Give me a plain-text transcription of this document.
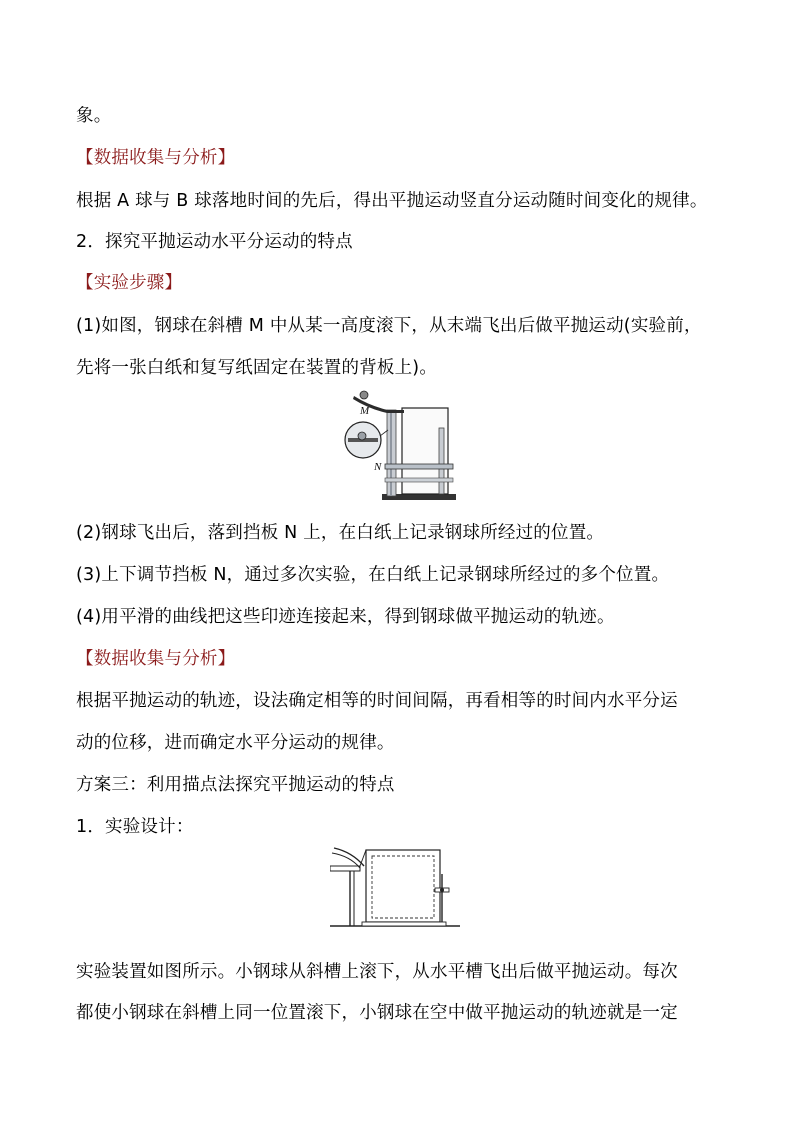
象。
【数据收集与分析】
根据 A 球与 B 球落地时间的先后，得出平抛运动竖直分运动随时间变化的规律。
2．探究平抛运动水平分运动的特点
【实验步骤】
(1)如图，钢球在斜槽 M 中从某一高度滚下，从末端飞出后做平抛运动(实验前，
先将一张白纸和复写纸固定在装置的背板上)。
M
N
(2)钢球飞出后，落到挡板 N 上，在白纸上记录钢球所经过的位置。
(3)上下调节挡板 N，通过多次实验，在白纸上记录钢球所经过的多个位置。
(4)用平滑的曲线把这些印迹连接起来，得到钢球做平抛运动的轨迹。
【数据收集与分析】
根据平抛运动的轨迹，设法确定相等的时间间隔，再看相等的时间内水平分运
动的位移，进而确定水平分运动的规律。
方案三：利用描点法探究平抛运动的特点
1．实验设计：
实验装置如图所示。小钢球从斜槽上滚下，从水平槽飞出后做平抛运动。每次
都使小钢球在斜槽上同一位置滚下，小钢球在空中做平抛运动的轨迹就是一定
